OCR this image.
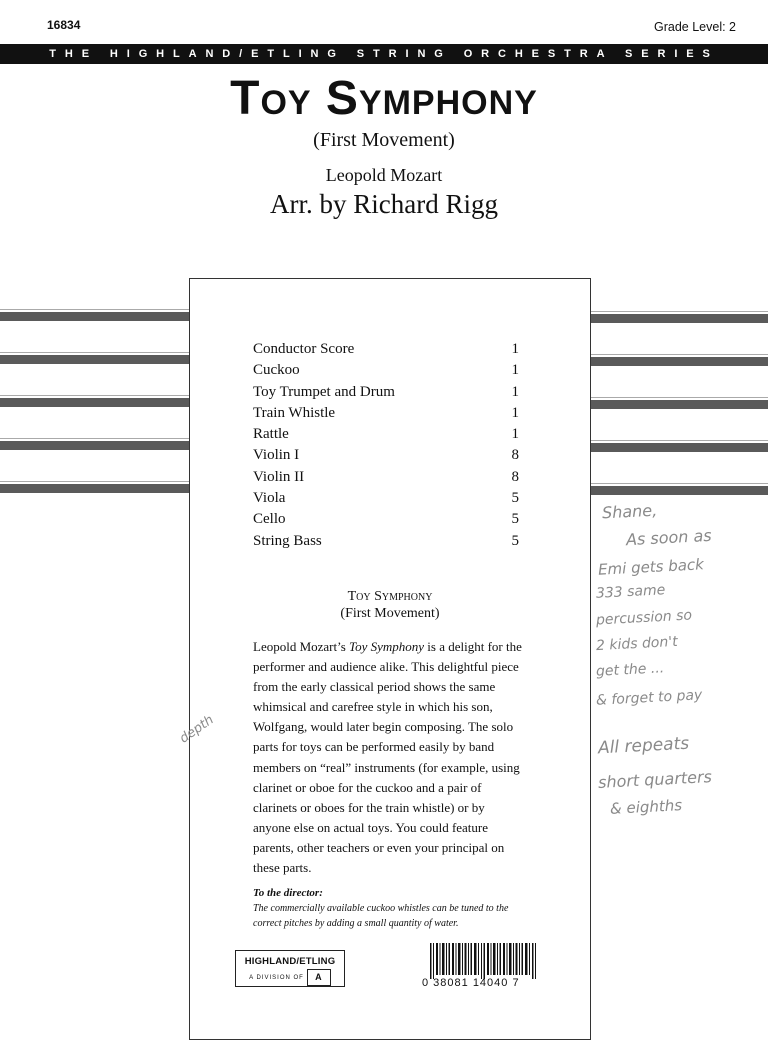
16834	Grade Level: 2
THE HIGHLAND/ETLING STRING ORCHESTRA SERIES
Toy Symphony
(First Movement)
Leopold Mozart
Arr. by Richard Rigg
Conductor Score	1
Cuckoo	1
Toy Trumpet and Drum	1
Train Whistle	1
Rattle	1
Violin I	8
Violin II	8
Viola	5
Cello	5
String Bass	5
Toy Symphony
(First Movement)
Leopold Mozart’s Toy Symphony is a delight for the performer and audience alike. This delightful piece from the early classical period shows the same whimsical and carefree style in which his son, Wolfgang, would later begin composing. The solo parts for toys can be performed easily by band members on “real” instruments (for example, using clarinet or oboe for the cuckoo and a pair of clarinets or oboes for the train whistle) or by anyone else on actual toys. You could feature parents, other teachers or even your principal on these parts.
To the director:
The commercially available cuckoo whistles can be tuned to the correct pitches by adding a small quantity of water.
HIGHLAND/ETLING
A DIVISION OF A	0 38081 14040 7
Shane,
As soon as
Emi gets back
333 same
percussion so
2 kids don't
get the ...
& forget to pay
All repeats
short quarters
& eighths
depth
